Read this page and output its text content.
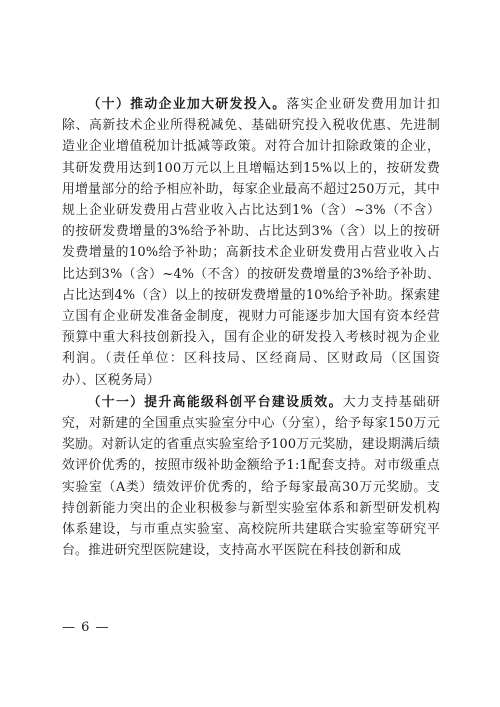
（十）推动企业加大研发投入。落实企业研发费用加计扣除、高新技术企业所得税减免、基础研究投入税收优惠、先进制造业企业增值税加计抵减等政策。对符合加计扣除政策的企业，其研发费用达到100万元以上且增幅达到15%以上的，按研发费用增量部分的给予相应补助，每家企业最高不超过250万元，其中规上企业研发费用占营业收入占比达到1%（含）~3%（不含）的按研发费增量的3%给予补助、占比达到3%（含）以上的按研发费增量的10%给予补助；高新技术企业研发费用占营业收入占比达到3%（含）~4%（不含）的按研发费增量的3%给予补助、占比达到4%（含）以上的按研发费增量的10%给予补助。探索建立国有企业研发准备金制度，视财力可能逐步加大国有资本经营预算中重大科技创新投入，国有企业的研发投入考核时视为企业利润。（责任单位：区科技局、区经商局、区财政局（区国资办）、区税务局）

（十一）提升高能级科创平台建设质效。大力支持基础研究，对新建的全国重点实验室分中心（分室），给予每家150万元奖励。对新认定的省重点实验室给予100万元奖励，建设期满后绩效评价优秀的，按照市级补助金额给予1:1配套支持。对市级重点实验室（A类）绩效评价优秀的，给予每家最高30万元奖励。支持创新能力突出的企业积极参与新型实验室体系和新型研发机构体系建设，与市重点实验室、高校院所共建联合实验室等研究平台。推进研究型医院建设，支持高水平医院在科技创新和成

— 6 —
